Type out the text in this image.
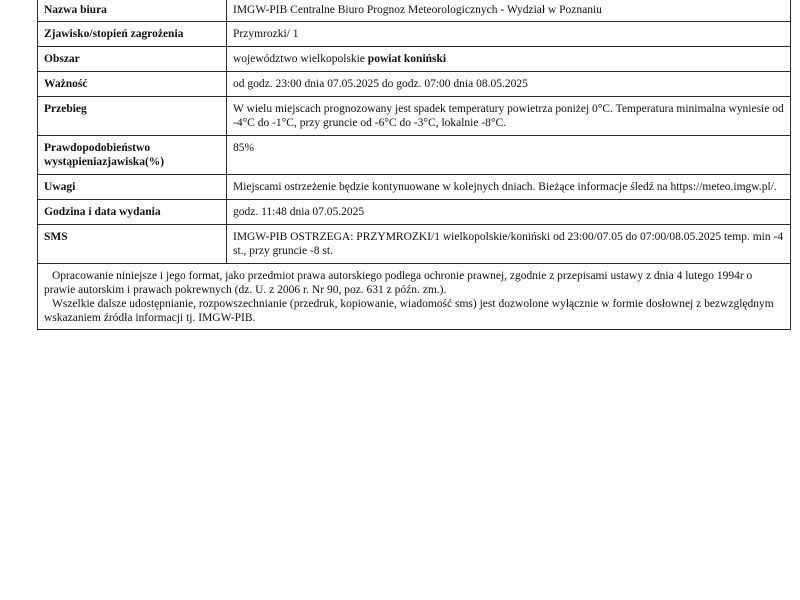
Nazwa biura	IMGW-PIB Centralne Biuro Prognoz Meteorologicznych - Wydział w Poznaniu
Zjawisko/stopień zagrożenia	Przymrozki/ 1
Obszar	województwo wielkopolskie powiat koniński
Ważność	od godz. 23:00 dnia 07.05.2025 do godz. 07:00 dnia 08.05.2025
Przebieg	W wielu miejscach prognozowany jest spadek temperatury powietrza poniżej 0°C. Temperatura minimalna wyniesie od -4°C do -1°C, przy gruncie od -6°C do -3°C, lokalnie -8°C.
Prawdopodobieństwo wystąpieniazjawiska(%)	85%
Uwagi	Miejscami ostrzeżenie będzie kontynuowane w kolejnych dniach. Bieżące informacje śledź na https://meteo.imgw.pl/.
Godzina i data wydania	godz. 11:48 dnia 07.05.2025
SMS	IMGW-PIB OSTRZEGA: PRZYMROZKI/1 wielkopolskie/koniński od 23:00/07.05 do 07:00/08.05.2025 temp. min -4 st., przy gruncie -8 st.

Opracowanie niniejsze i jego format, jako przedmiot prawa autorskiego podlega ochronie prawnej, zgodnie z przepisami ustawy z dnia 4 lutego 1994r o prawie autorskim i prawach pokrewnych (dz. U. z 2006 r. Nr 90, poz. 631 z późn. zm.).

Wszelkie dalsze udostępnianie, rozpowszechnianie (przedruk, kopiowanie, wiadomość sms) jest dozwolone wyłącznie w formie dosłownej z bezwzględnym wskazaniem źródła informacji tj. IMGW-PIB.
